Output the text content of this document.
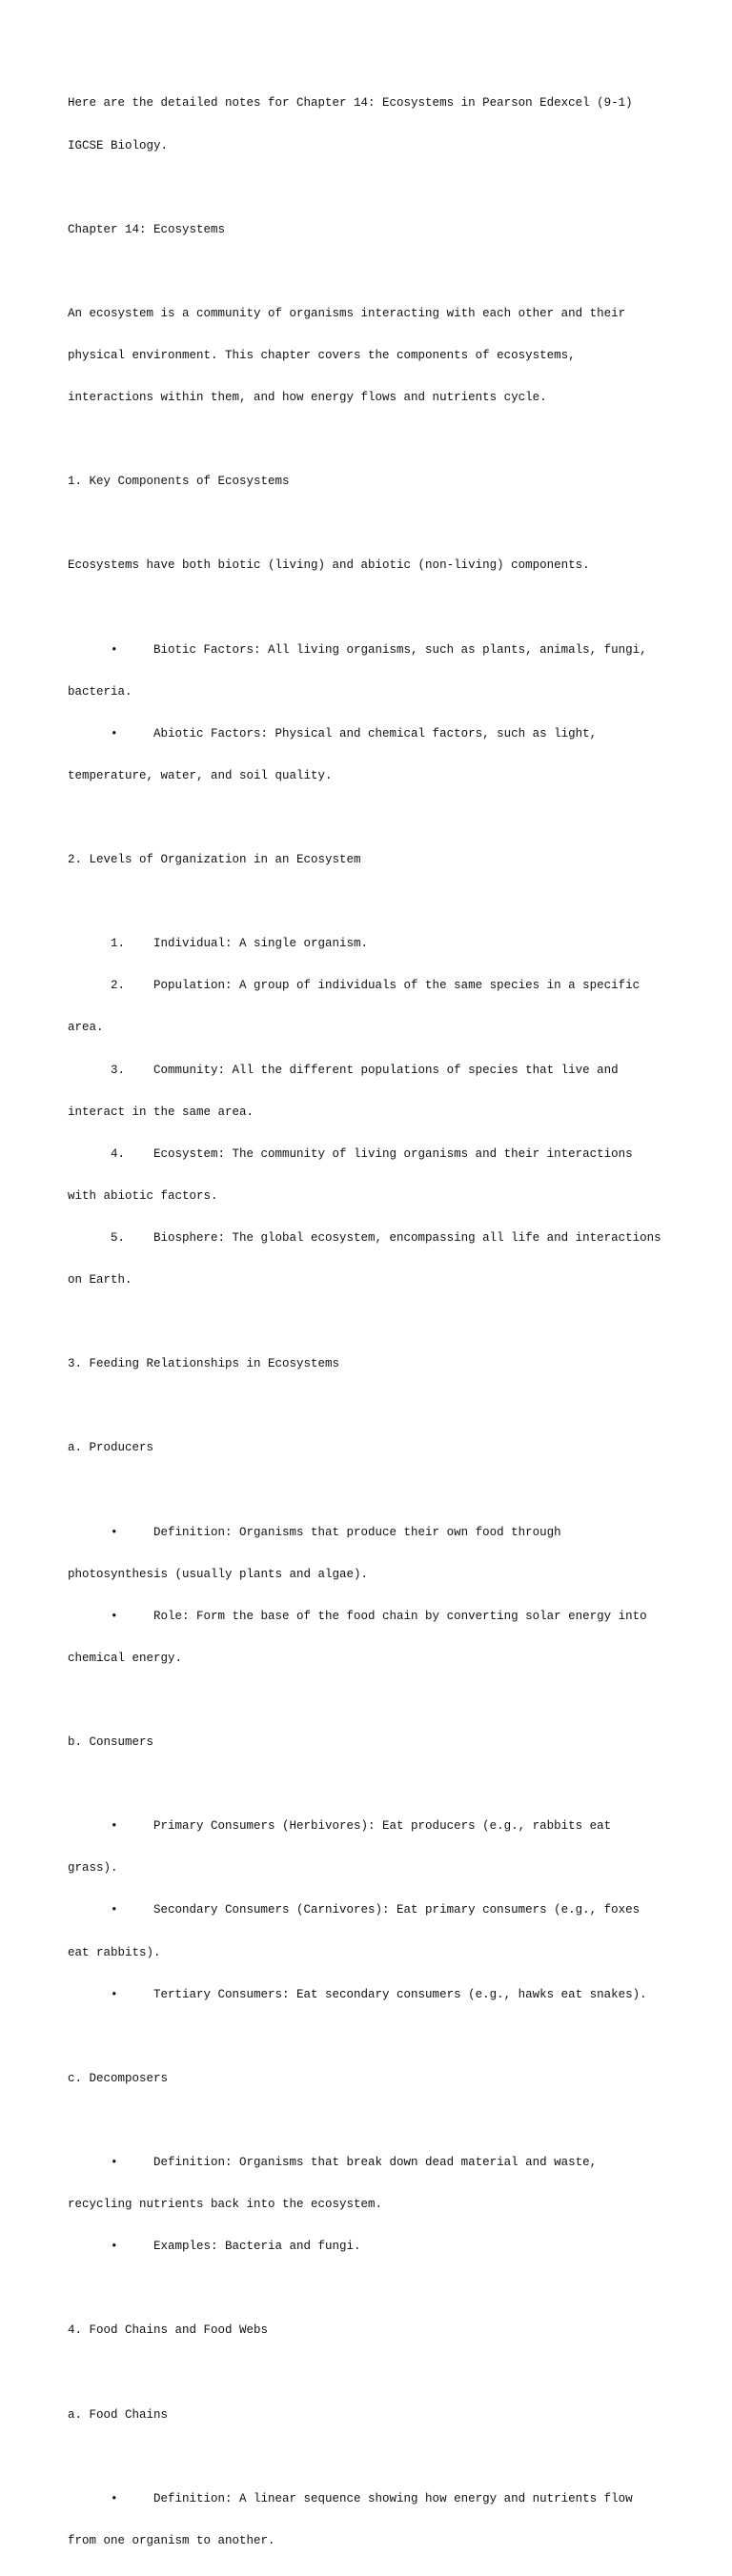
Here are the detailed notes for Chapter 14: Ecosystems in Pearson Edexcel (9-1)

IGCSE Biology.

Chapter 14: Ecosystems

An ecosystem is a community of organisms interacting with each other and their

physical environment. This chapter covers the components of ecosystems,

interactions within them, and how energy flows and nutrients cycle.

1. Key Components of Ecosystems

Ecosystems have both biotic (living) and abiotic (non-living) components.

•     Biotic Factors: All living organisms, such as plants, animals, fungi,

bacteria.

•     Abiotic Factors: Physical and chemical factors, such as light,

temperature, water, and soil quality.

2. Levels of Organization in an Ecosystem

1.    Individual: A single organism.

2.    Population: A group of individuals of the same species in a specific

area.

3.    Community: All the different populations of species that live and

interact in the same area.

4.    Ecosystem: The community of living organisms and their interactions

with abiotic factors.

5.    Biosphere: The global ecosystem, encompassing all life and interactions

on Earth.

3. Feeding Relationships in Ecosystems

a. Producers

•     Definition: Organisms that produce their own food through

photosynthesis (usually plants and algae).

•     Role: Form the base of the food chain by converting solar energy into

chemical energy.

b. Consumers

•     Primary Consumers (Herbivores): Eat producers (e.g., rabbits eat

grass).

•     Secondary Consumers (Carnivores): Eat primary consumers (e.g., foxes

eat rabbits).

•     Tertiary Consumers: Eat secondary consumers (e.g., hawks eat snakes).

c. Decomposers

•     Definition: Organisms that break down dead material and waste,

recycling nutrients back into the ecosystem.

•     Examples: Bacteria and fungi.

4. Food Chains and Food Webs

a. Food Chains

•     Definition: A linear sequence showing how energy and nutrients flow

from one organism to another.
